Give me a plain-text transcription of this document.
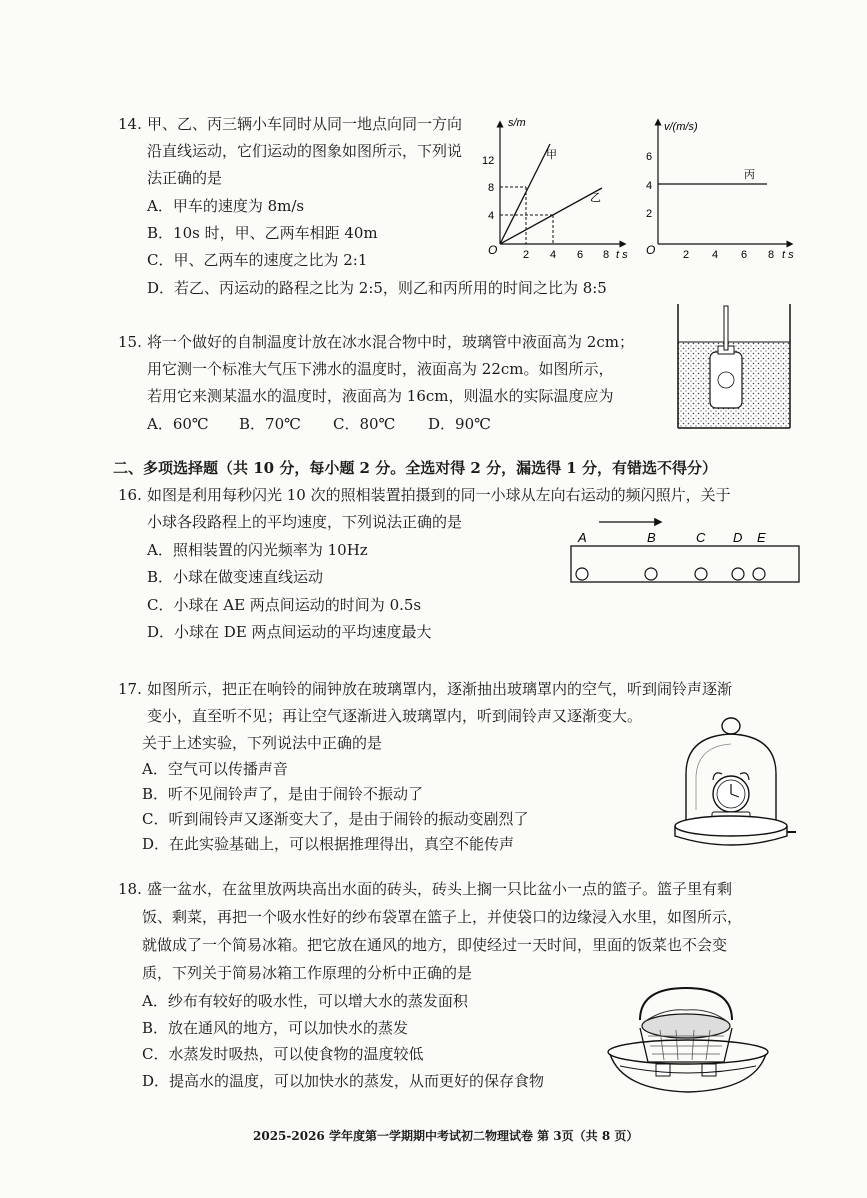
14. 甲、乙、丙三辆小车同时从同一地点向同一方向
沿直线运动，它们运动的图象如图所示，下列说
法正确的是
A．甲车的速度为 8m/s
B．10s 时，甲、乙两车相距 40m
C．甲、乙两车的速度之比为 2:1
D．若乙、丙运动的路程之比为 2:5，则乙和丙所用的时间之比为 8:5
s/m
t s
O
12
8
4
2 4 6 8
甲
乙
v/(m/s)
t s
O
6
4
2
2 4 6 8
丙
15. 将一个做好的自制温度计放在冰水混合物中时，玻璃管中液面高为 2cm；
用它测一个标准大气压下沸水的温度时，液面高为 22cm。如图所示，
若用它来测某温水的温度时，液面高为 16cm，则温水的实际温度应为
A．60℃ B．70℃ C．80℃ D．90℃
二、多项选择题（共 10 分，每小题 2 分。全选对得 2 分，漏选得 1 分，有错选不得分）
16. 如图是利用每秒闪光 10 次的照相装置拍摄到的同一小球从左向右运动的频闪照片，关于
小球各段路程上的平均速度，下列说法正确的是
A．照相装置的闪光频率为 10Hz
B．小球在做变速直线运动
C．小球在 AE 两点间运动的时间为 0.5s
D．小球在 DE 两点间运动的平均速度最大
A	B	C D E
17. 如图所示，把正在响铃的闹钟放在玻璃罩内，逐渐抽出玻璃罩内的空气，听到闹铃声逐渐
变小，直至听不见；再让空气逐渐进入玻璃罩内，听到闹铃声又逐渐变大。
关于上述实验，下列说法中正确的是
A．空气可以传播声音
B．听不见闹铃声了，是由于闹铃不振动了
C．听到闹铃声又逐渐变大了，是由于闹铃的振动变剧烈了
D．在此实验基础上，可以根据推理得出，真空不能传声
18. 盛一盆水，在盆里放两块高出水面的砖头，砖头上搁一只比盆小一点的篮子。篮子里有剩
饭、剩菜，再把一个吸水性好的纱布袋罩在篮子上，并使袋口的边缘浸入水里，如图所示，
就做成了一个简易冰箱。把它放在通风的地方，即使经过一天时间，里面的饭菜也不会变
质，下列关于简易冰箱工作原理的分析中正确的是
A．纱布有较好的吸水性，可以增大水的蒸发面积
B．放在通风的地方，可以加快水的蒸发
C．水蒸发时吸热，可以使食物的温度较低
D．提高水的温度，可以加快水的蒸发，从而更好的保存食物
2025-2026 学年度第一学期期中考试初二物理试卷 第 3页（共 8 页）
